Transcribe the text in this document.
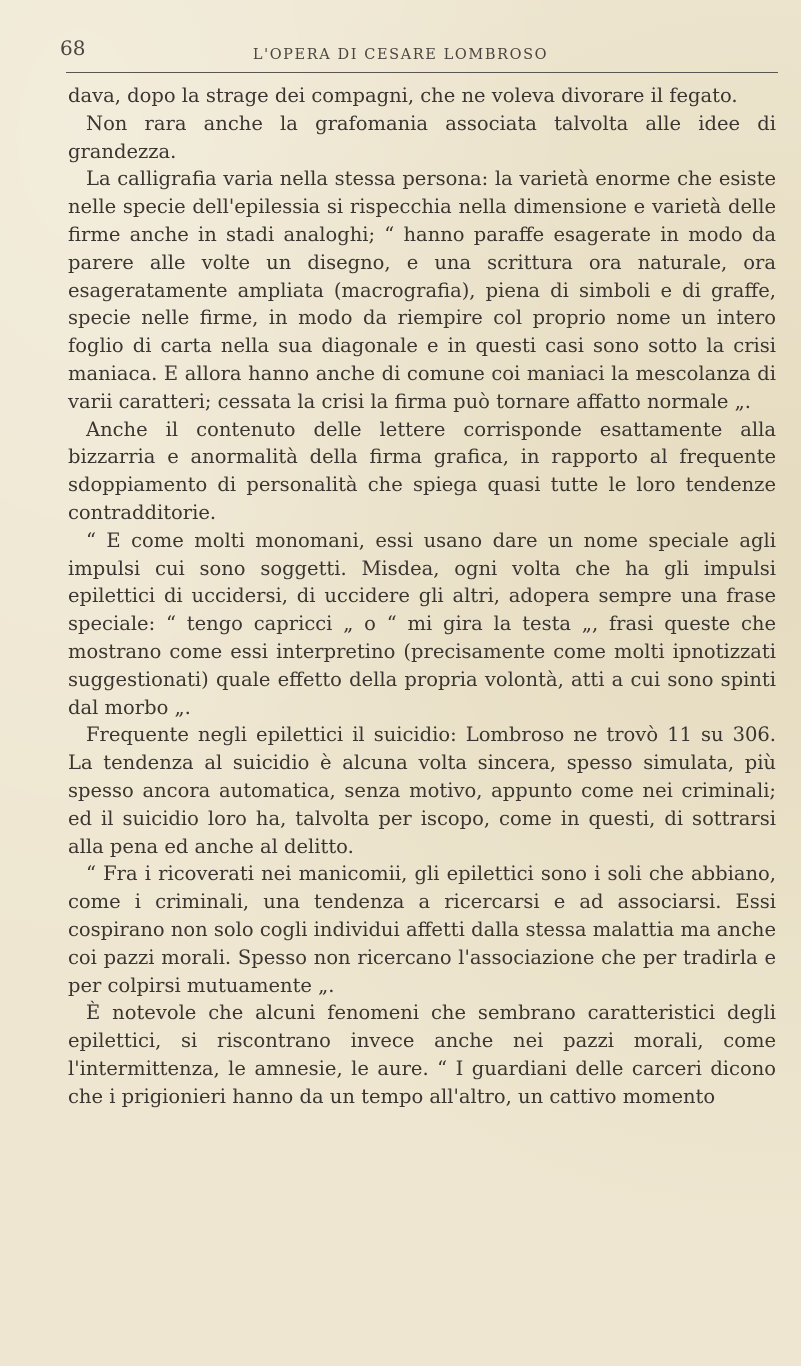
68	L'OPERA DI CESARE LOMBROSO

dava, dopo la strage dei compagni, che ne voleva divorare il fegato.

Non rara anche la grafomania associata talvolta alle idee di grandezza.

La calligrafia varia nella stessa persona: la varietà enorme che esiste nelle specie dell'epilessia si rispecchia nella dimensione e varietà delle firme anche in stadi analoghi; “ hanno paraffe esagerate in modo da parere alle volte un disegno, e una scrittura ora naturale, ora esageratamente ampliata (macrografia), piena di simboli e di graffe, specie nelle firme, in modo da riempire col proprio nome un intero foglio di carta nella sua diagonale e in questi casi sono sotto la crisi maniaca. E allora hanno anche di comune coi maniaci la mescolanza di varii caratteri; cessata la crisi la firma può tornare affatto normale „.

Anche il contenuto delle lettere corrisponde esattamente alla bizzarria e anormalità della firma grafica, in rapporto al frequente sdoppiamento di personalità che spiega quasi tutte le loro tendenze contradditorie.

“ E come molti monomani, essi usano dare un nome speciale agli impulsi cui sono soggetti. Misdea, ogni volta che ha gli impulsi epilettici di uccidersi, di uccidere gli altri, adopera sempre una frase speciale: “ tengo capricci „ o “ mi gira la testa „, frasi queste che mostrano come essi interpretino (precisamente come molti ipnotizzati suggestionati) quale effetto della propria volontà, atti a cui sono spinti dal morbo „.

Frequente negli epilettici il suicidio: Lombroso ne trovò 11 su 306. La tendenza al suicidio è alcuna volta sincera, spesso simulata, più spesso ancora automatica, senza motivo, appunto come nei criminali; ed il suicidio loro ha, talvolta per iscopo, come in questi, di sottrarsi alla pena ed anche al delitto.

“ Fra i ricoverati nei manicomii, gli epilettici sono i soli che abbiano, come i criminali, una tendenza a ricercarsi e ad associarsi. Essi cospirano non solo cogli individui affetti dalla stessa malattia ma anche coi pazzi morali. Spesso non ricercano l'associazione che per tradirla e per colpirsi mutuamente „.

È notevole che alcuni fenomeni che sembrano caratteristici degli epilettici, si riscontrano invece anche nei pazzi morali, come l'intermittenza, le amnesie, le aure. “ I guardiani delle carceri dicono che i prigionieri hanno da un tempo all'altro, un cattivo momento
